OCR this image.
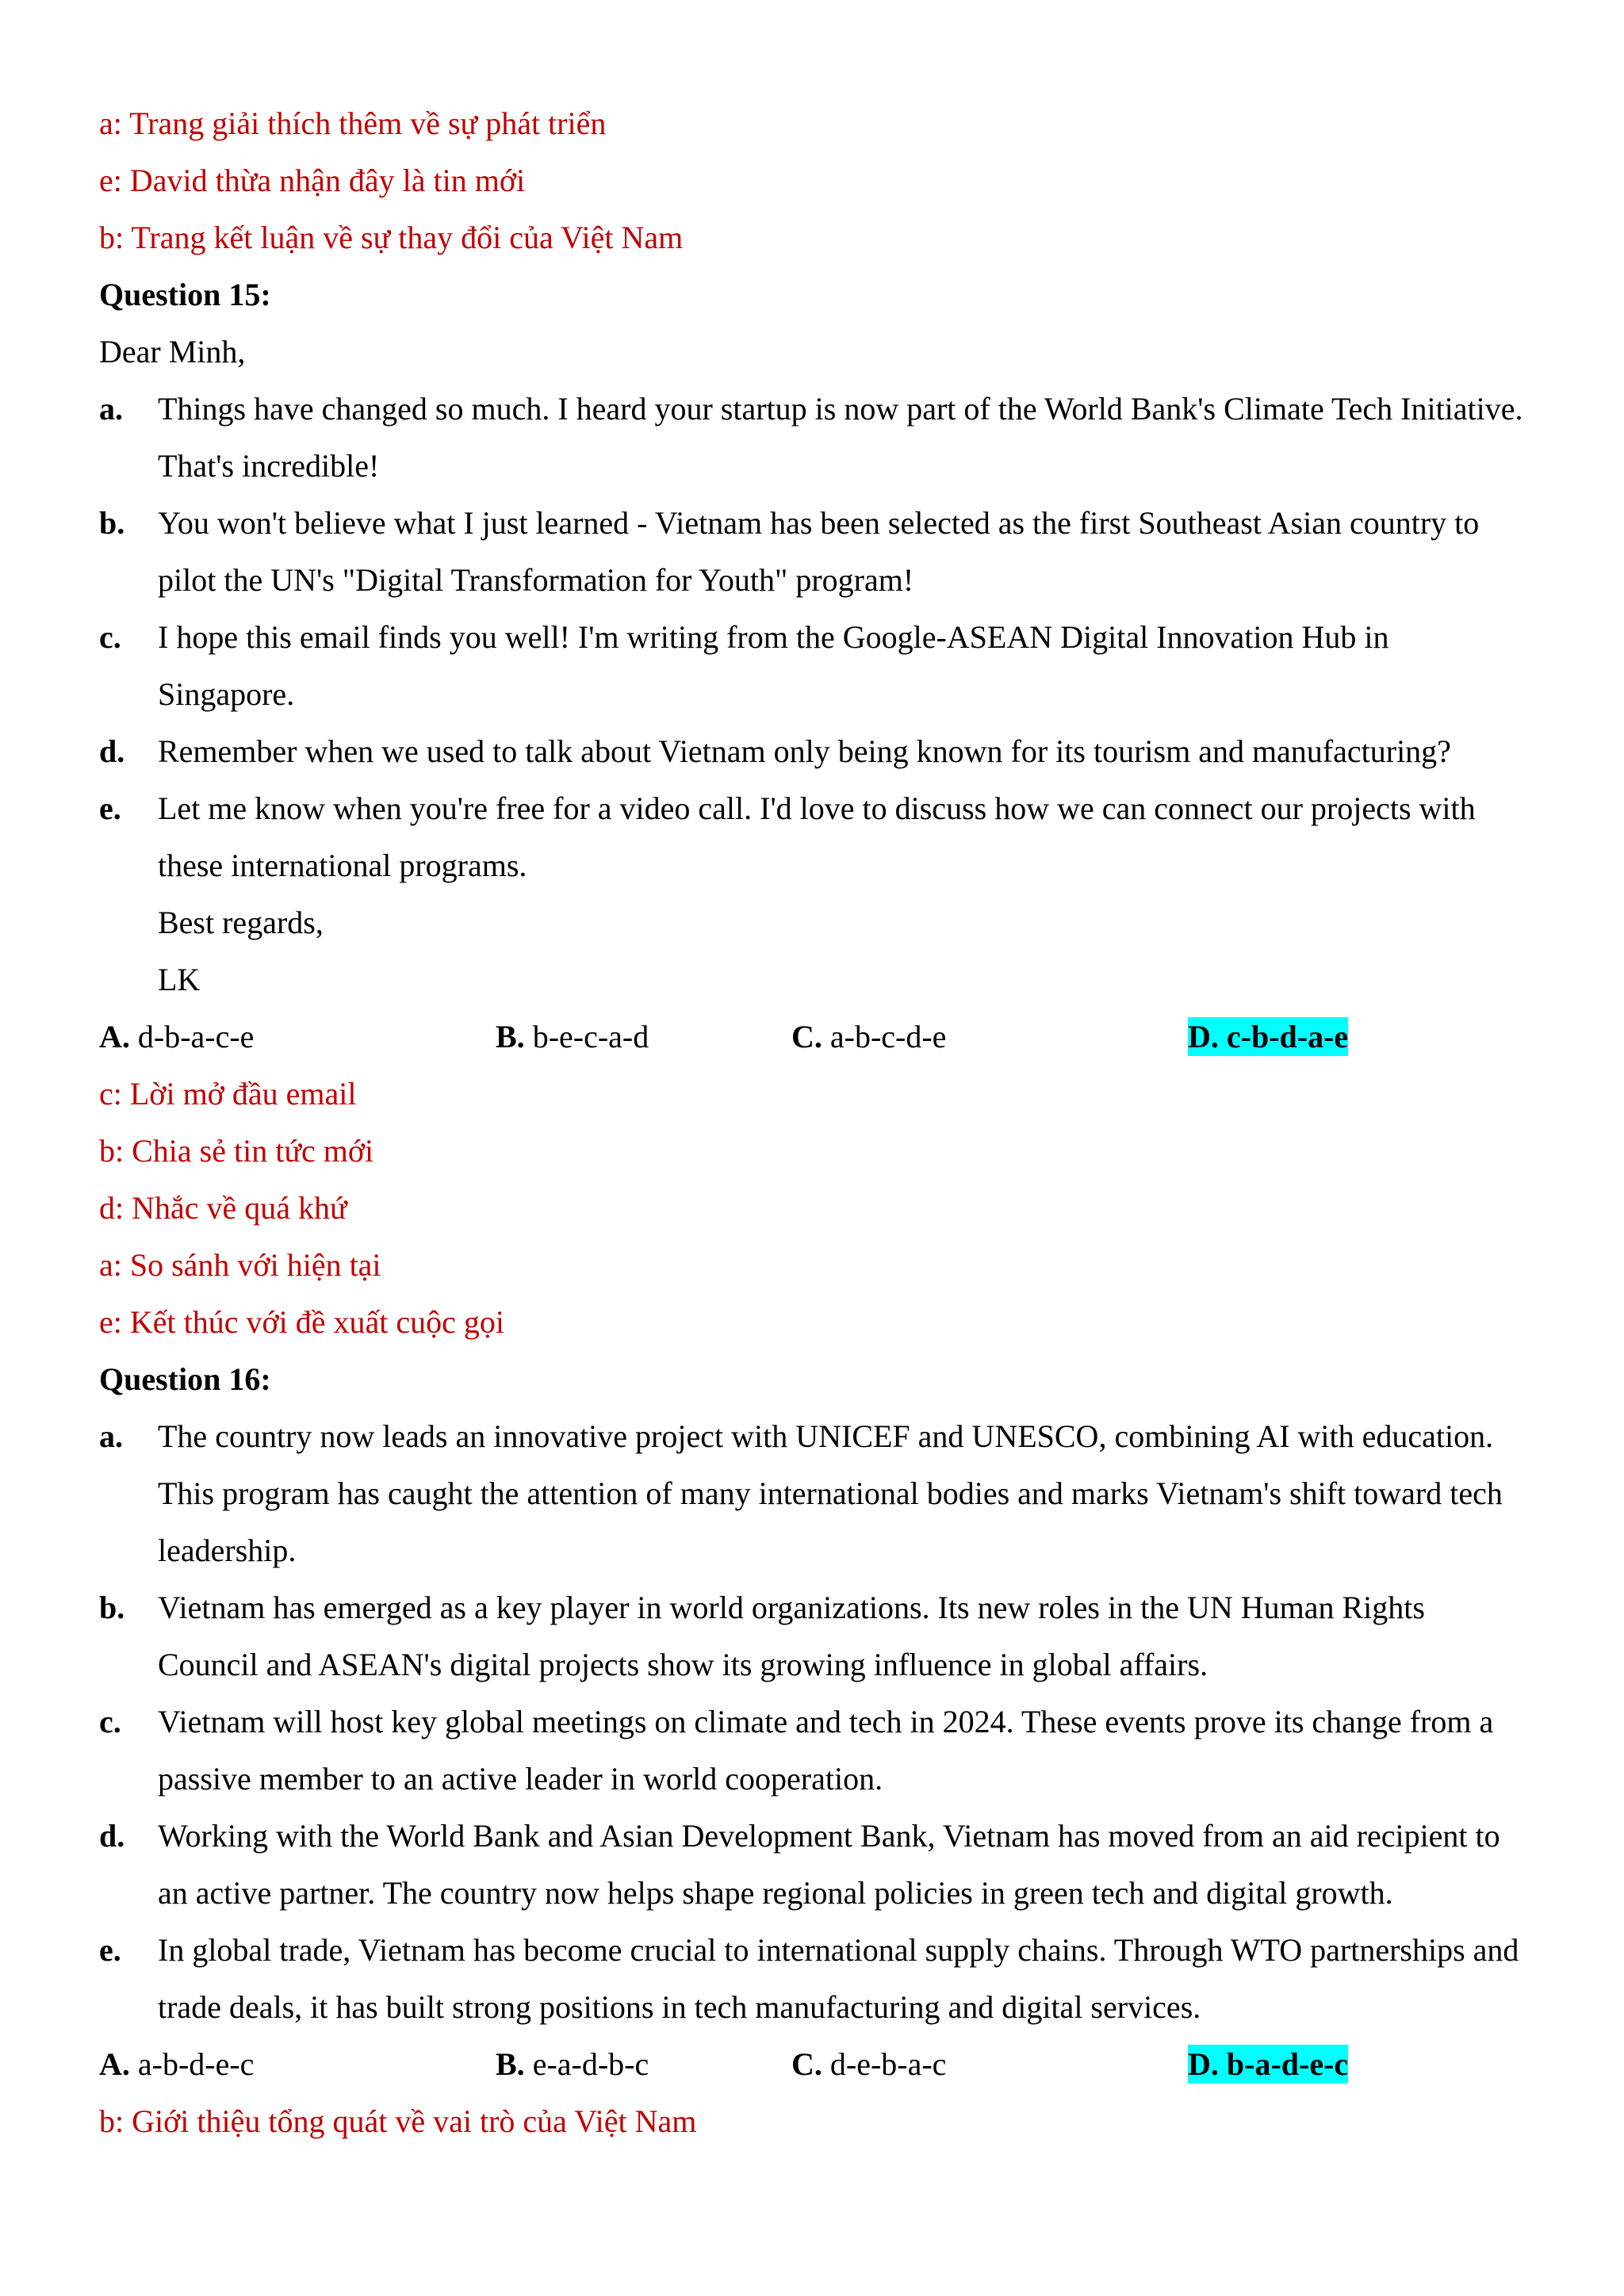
a: Trang giải thích thêm về sự phát triển
e: David thừa nhận đây là tin mới
b: Trang kết luận về sự thay đổi của Việt Nam
Question 15:
Dear Minh,
a.	Things have changed so much. I heard your startup is now part of the World Bank's Climate Tech Initiative. That's incredible!
b.	You won't believe what I just learned - Vietnam has been selected as the first Southeast Asian country to pilot the UN's "Digital Transformation for Youth" program!
c.	I hope this email finds you well! I'm writing from the Google-ASEAN Digital Innovation Hub in Singapore.
d.	Remember when we used to talk about Vietnam only being known for its tourism and manufacturing?
e.	Let me know when you're free for a video call. I'd love to discuss how we can connect our projects with these international programs.
Best regards,
LK
A. d-b-a-c-e	B. b-e-c-a-d	C. a-b-c-d-e	D. c-b-d-a-e
c: Lời mở đầu email
b: Chia sẻ tin tức mới
d: Nhắc về quá khứ
a: So sánh với hiện tại
e: Kết thúc với đề xuất cuộc gọi
Question 16:
a.	The country now leads an innovative project with UNICEF and UNESCO, combining AI with education. This program has caught the attention of many international bodies and marks Vietnam's shift toward tech leadership.
b.	Vietnam has emerged as a key player in world organizations. Its new roles in the UN Human Rights Council and ASEAN's digital projects show its growing influence in global affairs.
c.	Vietnam will host key global meetings on climate and tech in 2024. These events prove its change from a passive member to an active leader in world cooperation.
d.	Working with the World Bank and Asian Development Bank, Vietnam has moved from an aid recipient to an active partner. The country now helps shape regional policies in green tech and digital growth.
e.	In global trade, Vietnam has become crucial to international supply chains. Through WTO partnerships and trade deals, it has built strong positions in tech manufacturing and digital services.
A. a-b-d-e-c	B. e-a-d-b-c	C. d-e-b-a-c	D. b-a-d-e-c
b: Giới thiệu tổng quát về vai trò của Việt Nam
